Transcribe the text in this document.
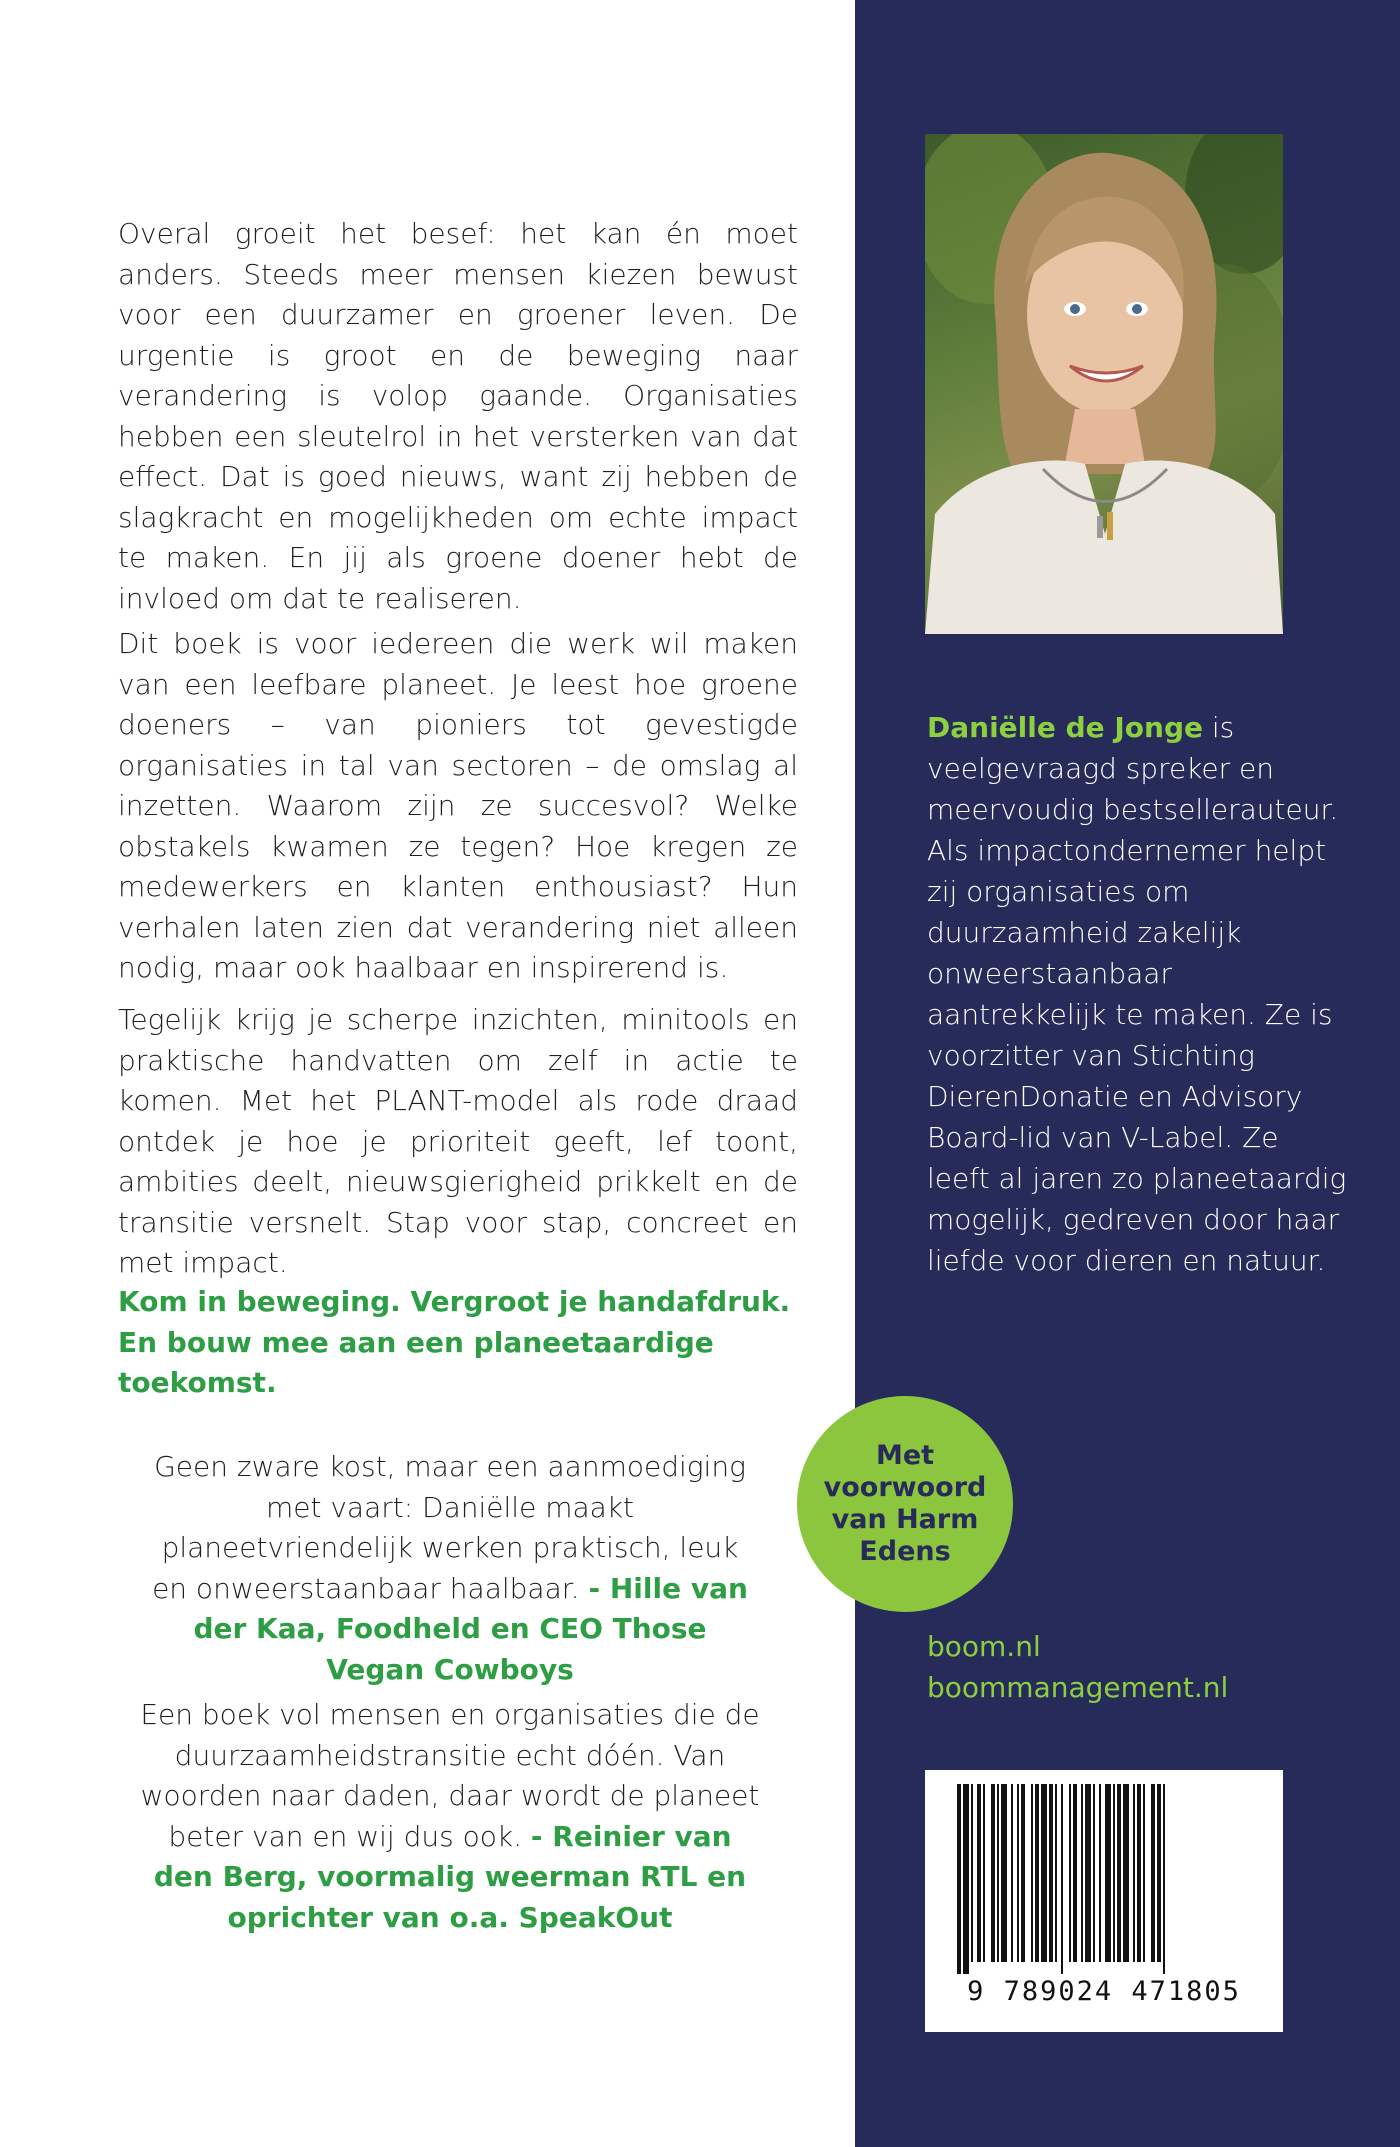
Overal groeit het besef: het kan én moet anders. Steeds meer mensen kiezen bewust voor een duurzamer en groener leven. De urgentie is groot en de beweging naar verandering is volop gaande. Organisaties hebben een sleutelrol in het versterken van dat effect. Dat is goed nieuws, want zij hebben de slagkracht en mogelijkheden om echte impact te maken. En jij als groene doener hebt de invloed om dat te realiseren.

Dit boek is voor iedereen die werk wil maken van een leefbare planeet. Je leest hoe groene doeners – van pioniers tot gevestigde organisaties in tal van sectoren – de omslag al inzetten. Waarom zijn ze succesvol? Welke obstakels kwamen ze tegen? Hoe kregen ze medewerkers en klanten enthousiast? Hun verhalen laten zien dat verandering niet alleen nodig, maar ook haalbaar en inspirerend is.

Tegelijk krijg je scherpe inzichten, minitools en praktische handvatten om zelf in actie te komen. Met het PLANT-model als rode draad ontdek je hoe je prioriteit geeft, lef toont, ambities deelt, nieuwsgierigheid prikkelt en de transitie versnelt. Stap voor stap, concreet en met impact.

Kom in beweging. Vergroot je handafdruk. En bouw mee aan een planeetaardige toekomst.

Geen zware kost, maar een aanmoediging met vaart: Daniëlle maakt planeetvriendelijk werken praktisch, leuk en onweerstaanbaar haalbaar. - Hille van der Kaa, Foodheld en CEO Those Vegan Cowboys

Een boek vol mensen en organisaties die de duurzaamheidstransitie echt dóén. Van woorden naar daden, daar wordt de planeet beter van en wij dus ook. - Reinier van den Berg, voormalig weerman RTL en oprichter van o.a. SpeakOut

Daniëlle de Jonge is veelgevraagd spreker en meervoudig bestsellerauteur. Als impactondernemer helpt zij organisaties om duurzaamheid zakelijk onweerstaanbaar aantrekkelijk te maken. Ze is voorzitter van Stichting DierenDonatie en Advisory Board-lid van V-Label. Ze leeft al jaren zo planeetaardig mogelijk, gedreven door haar liefde voor dieren en natuur.

Met voorwoord van Harm Edens
boom.nl
boommanagement.nl
9 789024 471805
